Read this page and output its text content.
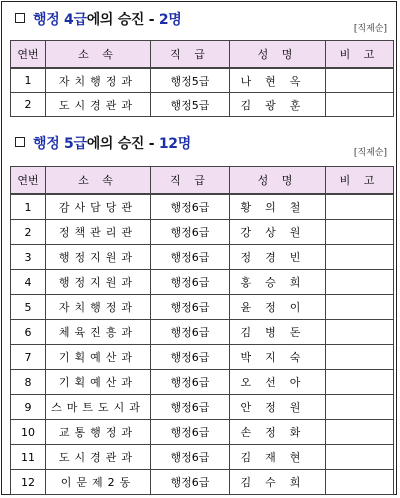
행정 4급에의 승진 - 2명
[직제순]
연번	소 속	직 급	성 명	비 고
1	자치행정과	행정5급	나현옥	
2	도시경관과	행정5급	김광훈	
행정 5급에의 승진 - 12명
[직제순]
연번	소 속	직 급	성 명	비 고
1	감사담당관	행정6급	황의철	
2	정책관리관	행정6급	강상원	
3	행정지원과	행정6급	정경빈	
4	행정지원과	행정6급	홍승희	
5	자치행정과	행정6급	윤정이	
6	체육진흥과	행정6급	김병돈	
7	기획예산과	행정6급	박지숙	
8	기획예산과	행정6급	오선아	
9	스마트도시과	행정6급	안정원	
10	교통행정과	행정6급	손정화	
11	도시경관과	행정6급	김재현	
12	이문제2동	행정6급	김수희	
